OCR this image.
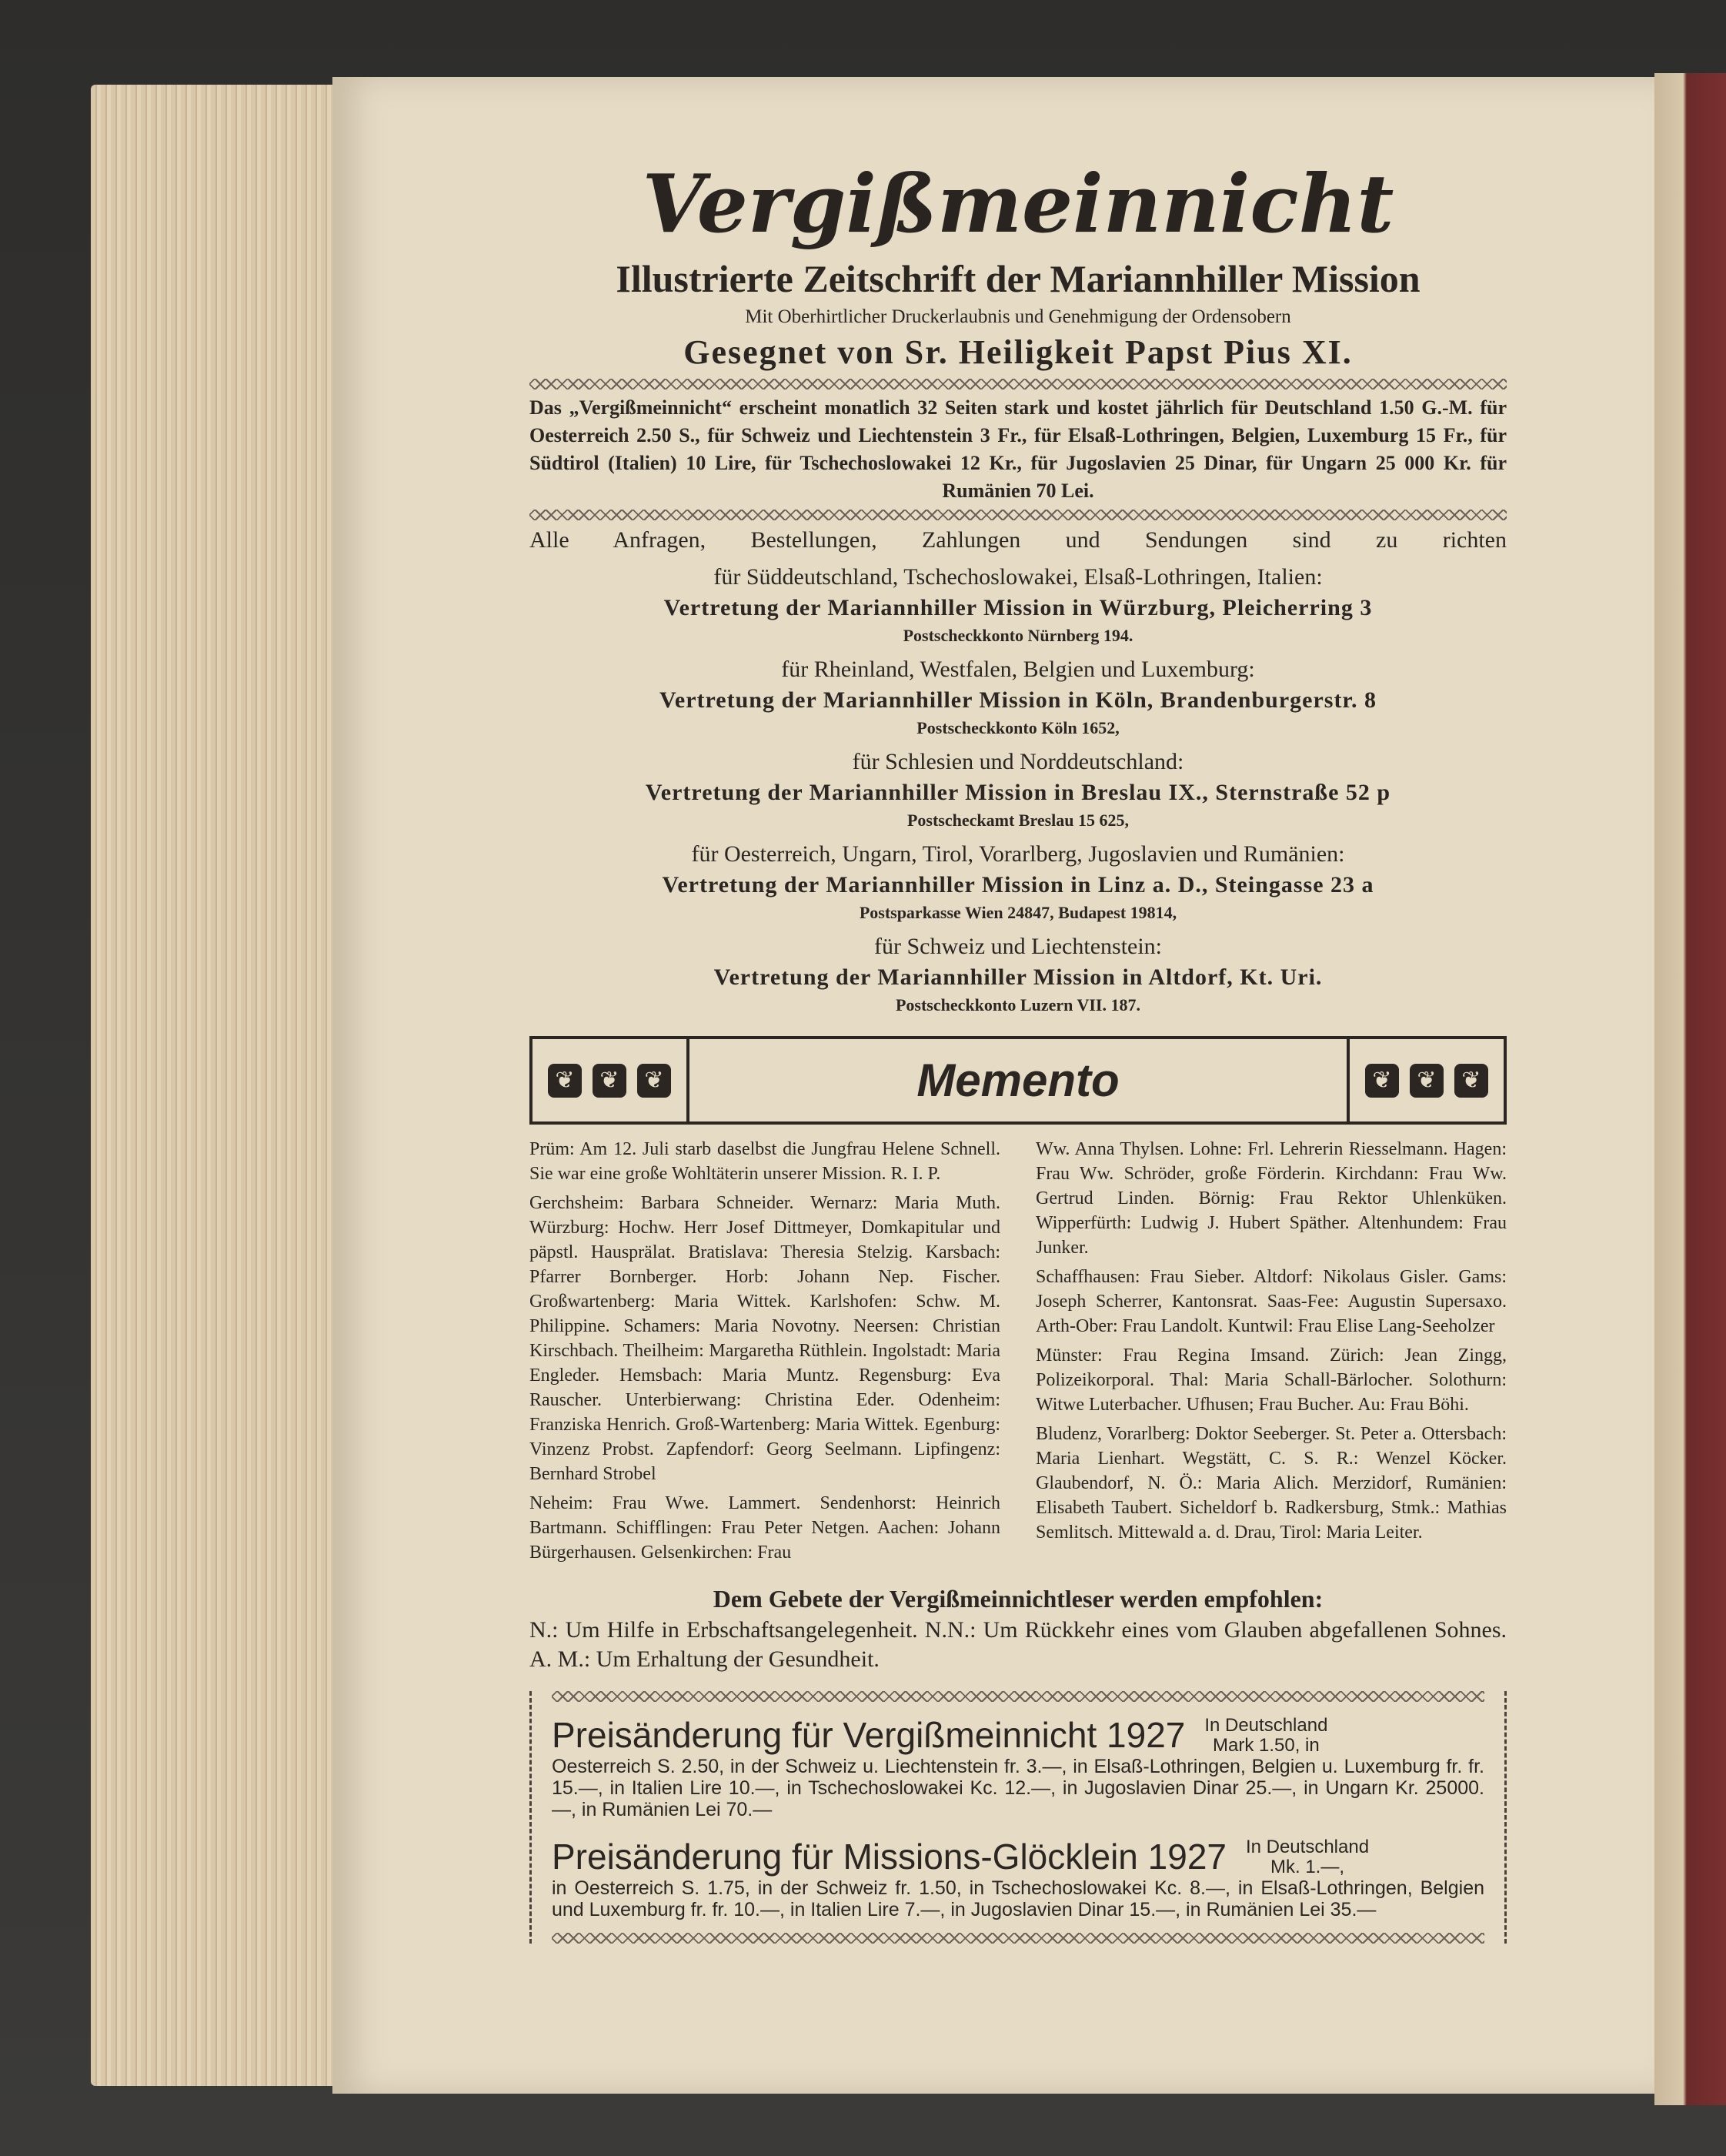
Vergißmeinnicht
Illustrierte Zeitschrift der Mariannhiller Mission
Mit Oberhirtlicher Druckerlaubnis und Genehmigung der Ordensobern
Gesegnet von Sr. Heiligkeit Papst Pius XI.

Das „Vergißmeinnicht“ erscheint monatlich 32 Seiten stark und kostet jährlich für Deutschland 1.50 G.-M. für Oesterreich 2.50 S., für Schweiz und Liechtenstein 3 Fr., für Elsaß-Lothringen, Belgien, Luxemburg 15 Fr., für Südtirol (Italien) 10 Lire, für Tschechoslowakei 12 Kr., für Jugoslavien 25 Dinar, für Ungarn 25 000 Kr. für Rumänien 70 Lei.

Alle Anfragen, Bestellungen, Zahlungen und Sendungen sind zu richten

für Süddeutschland, Tschechoslowakei, Elsaß-Lothringen, Italien:

Vertretung der Mariannhiller Mission in Würzburg, Pleicherring 3

Postscheckkonto Nürnberg 194.

für Rheinland, Westfalen, Belgien und Luxemburg:

Vertretung der Mariannhiller Mission in Köln, Brandenburgerstr. 8

Postscheckkonto Köln 1652,

für Schlesien und Norddeutschland:

Vertretung der Mariannhiller Mission in Breslau IX., Sternstraße 52 p

Postscheckamt Breslau 15 625,

für Oesterreich, Ungarn, Tirol, Vorarlberg, Jugoslavien und Rumänien:

Vertretung der Mariannhiller Mission in Linz a. D., Steingasse 23 a

Postsparkasse Wien 24847, Budapest 19814,

für Schweiz und Liechtenstein:

Vertretung der Mariannhiller Mission in Altdorf, Kt. Uri.

Postscheckkonto Luzern VII. 187.

❦	❦	❦	Memento	❦	❦	❦

Prüm: Am 12. Juli starb daselbst die Jungfrau Helene Schnell. Sie war eine große Wohltäterin unserer Mission. R. I. P.

Gerchsheim: Barbara Schneider. Wernarz: Maria Muth. Würzburg: Hochw. Herr Josef Dittmeyer, Domkapitular und päpstl. Hausprälat. Bratislava: Theresia Stelzig. Karsbach: Pfarrer Bornberger. Horb: Johann Nep. Fischer. Großwartenberg: Maria Wittek. Karlshofen: Schw. M. Philippine. Schamers: Maria Novotny. Neersen: Christian Kirschbach. Theilheim: Margaretha Rüthlein. Ingolstadt: Maria Engleder. Hemsbach: Maria Muntz. Regensburg: Eva Rauscher. Unterbierwang: Christina Eder. Odenheim: Franziska Henrich. Groß-Wartenberg: Maria Wittek. Egenburg: Vinzenz Probst. Zapfendorf: Georg Seelmann. Lipfingenz: Bernhard Strobel

Neheim: Frau Wwe. Lammert. Sendenhorst: Heinrich Bartmann. Schifflingen: Frau Peter Netgen. Aachen: Johann Bürgerhausen. Gelsenkirchen: Frau

Ww. Anna Thylsen. Lohne: Frl. Lehrerin Riesselmann. Hagen: Frau Ww. Schröder, große Förderin. Kirchdann: Frau Ww. Gertrud Linden. Börnig: Frau Rektor Uhlenküken. Wipperfürth: Ludwig J. Hubert Späther. Altenhundem: Frau Junker.

Schaffhausen: Frau Sieber. Altdorf: Nikolaus Gisler. Gams: Joseph Scherrer, Kantonsrat. Saas-Fee: Augustin Supersaxo. Arth-Ober: Frau Landolt. Kuntwil: Frau Elise Lang-Seeholzer

Münster: Frau Regina Imsand. Zürich: Jean Zingg, Polizeikorporal. Thal: Maria Schall-Bärlocher. Solothurn: Witwe Luterbacher. Ufhusen; Frau Bucher. Au: Frau Böhi.

Bludenz, Vorarlberg: Doktor Seeberger. St. Peter a. Ottersbach: Maria Lienhart. Wegstätt, C. S. R.: Wenzel Köcker. Glaubendorf, N. Ö.: Maria Alich. Merzidorf, Rumänien: Elisabeth Taubert. Sicheldorf b. Radkersburg, Stmk.: Mathias Semlitsch. Mittewald a. d. Drau, Tirol: Maria Leiter.

Dem Gebete der Vergißmeinnichtleser werden empfohlen:

N.: Um Hilfe in Erbschaftsangelegenheit. N.N.: Um Rückkehr eines vom Glauben abgefallenen Sohnes. A. M.: Um Erhaltung der Gesundheit.

Preisänderung für Vergißmeinnicht 1927	In Deutschland Mark 1.50, in

Oesterreich S. 2.50, in der Schweiz u. Liechtenstein fr. 3.—, in Elsaß-Lothringen, Belgien u. Luxemburg fr. fr. 15.—, in Italien Lire 10.—, in Tschechoslowakei Kc. 12.—, in Jugoslavien Dinar 25.—, in Ungarn Kr. 25000.—, in Rumänien Lei 70.—

Preisänderung für Missions-Glöcklein 1927	In Deutschland Mk. 1.—,

in Oesterreich S. 1.75, in der Schweiz fr. 1.50, in Tschechoslowakei Kc. 8.—, in Elsaß-Lothringen, Belgien und Luxemburg fr. fr. 10.—, in Italien Lire 7.—, in Jugoslavien Dinar 15.—, in Rumänien Lei 35.—
